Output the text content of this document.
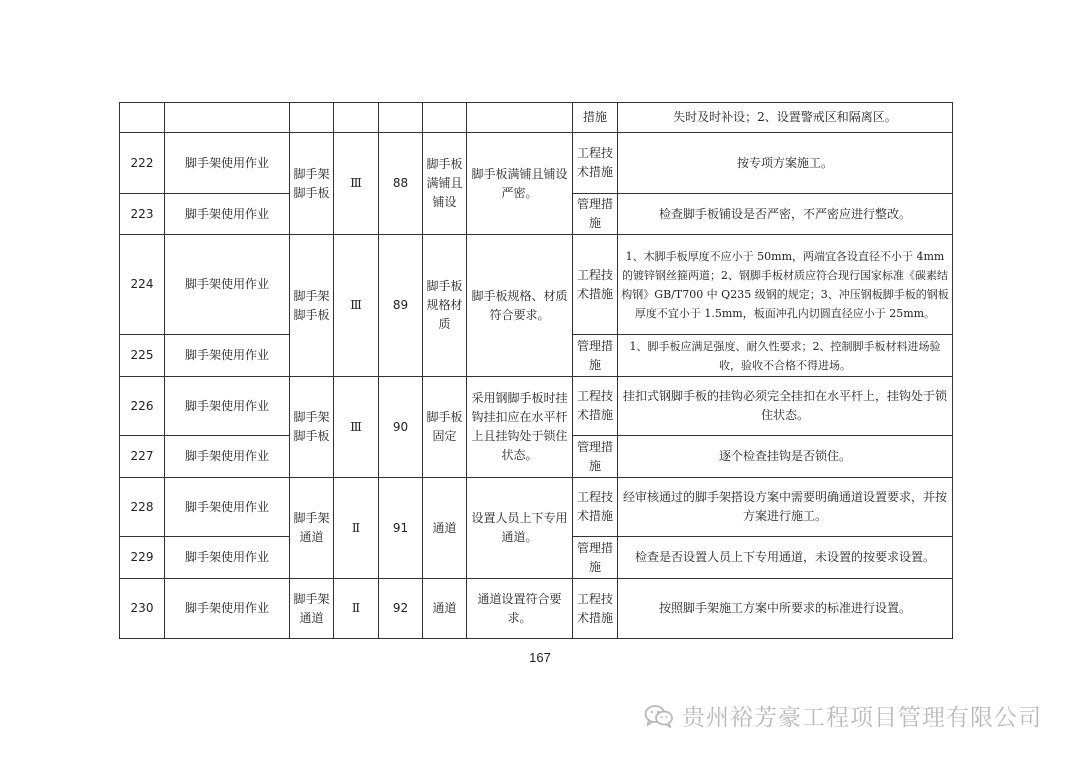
							措施	失时及时补设；2、设置警戒区和隔离区。
222	脚手架使用作业	脚手架脚手板	Ⅲ	88	脚手板满铺且铺设	脚手板满铺且铺设严密。	工程技术措施	按专项方案施工。
223	脚手架使用作业						管理措施	检查脚手板铺设是否严密，不严密应进行整改。
224	脚手架使用作业	脚手架脚手板	Ⅲ	89	脚手板规格材质	脚手板规格、材质符合要求。	工程技术措施	1、木脚手板厚度不应小于 50mm，两端宜各设直径不小于 4mm 的镀锌钢丝箍两道；2、钢脚手板材质应符合现行国家标准《碳素结构钢》GB/T700 中 Q235 级钢的规定；3、冲压钢板脚手板的钢板厚度不宜小于 1.5mm，板面冲孔内切圆直径应小于 25mm。
225	脚手架使用作业						管理措施	1、脚手板应满足强度、耐久性要求；2、控制脚手板材料进场验收，验收不合格不得进场。
226	脚手架使用作业	脚手架脚手板	Ⅲ	90	脚手板固定	采用钢脚手板时挂钩挂扣应在水平杆上且挂钩处于锁住状态。	工程技术措施	挂扣式钢脚手板的挂钩必须完全挂扣在水平杆上，挂钩处于锁住状态。
227	脚手架使用作业						管理措施	逐个检查挂钩是否锁住。
228	脚手架使用作业	脚手架通道	Ⅱ	91	通道	设置人员上下专用通道。	工程技术措施	经审核通过的脚手架搭设方案中需要明确通道设置要求，并按方案进行施工。
229	脚手架使用作业						管理措施	检查是否设置人员上下专用通道，未设置的按要求设置。
230	脚手架使用作业	脚手架通道	Ⅱ	92	通道	通道设置符合要求。	工程技术措施	按照脚手架施工方案中所要求的标准进行设置。
167
贵州裕芳豪工程项目管理有限公司
